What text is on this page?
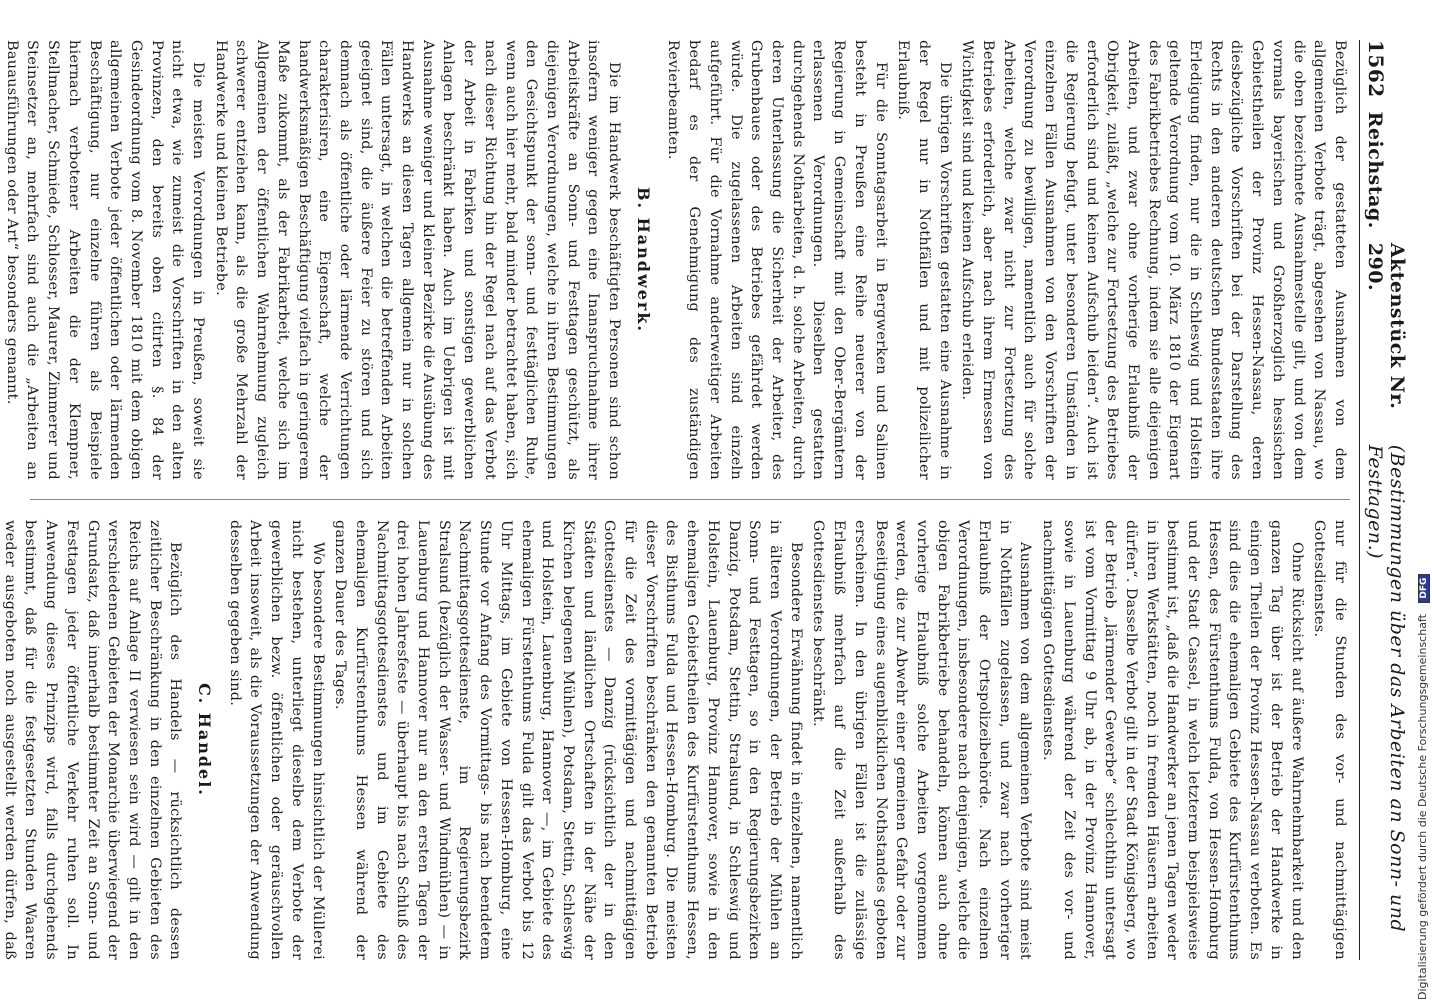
1562
Reichstag.
Aktenstück Nr. 290.
(Bestimmungen über das Arbeiten an Sonn- und Festtagen.)

Bezüglich der gestatteten Ausnahmen von dem allgemeinen Verbote trägt, abgesehen von Nassau, wo die oben bezeichnete Ausnahmestelle gilt, und von dem vormals bayerischen und Großherzoglich hessischen Gebietstheilen der Provinz Hessen-Nassau, deren diesbezügliche Vorschriften bei der Darstellung des Rechts in den anderen deutschen Bundesstaaten ihre Erledigung finden, nur die in Schleswig und Holstein geltende Verordnung vom 10. März 1810 der Eigenart des Fabrikbetriebes Rechnung, indem sie alle diejenigen Arbeiten, und zwar ohne vorherige Erlaubniß der Obrigkeit, zuläßt, „welche zur Fortsetzung des Betriebes erforderlich sind und keinen Aufschub leiden“. Auch ist die Regierung befugt, unter besonderen Umständen in einzelnen Fällen Ausnahmen von den Vorschriften der Verordnung zu bewilligen, namentlich auch für solche Arbeiten, welche zwar nicht zur Fortsetzung des Betriebes erforderlich, aber nach ihrem Ermessen von Wichtigkeit sind und keinen Aufschub erleiden.

Die übrigen Vorschriften gestatten eine Ausnahme in der Regel nur in Nothfällen und mit polizeilicher Erlaubniß.

Für die Sonntagsarbeit in Bergwerken und Salinen besteht in Preußen eine Reihe neuerer von der Regierung in Gemeinschaft mit den Ober-Bergämtern erlassenen Verordnungen. Dieselben gestatten durchgehends Notharbeiten, d. h. solche Arbeiten, durch deren Unterlassung die Sicherheit der Arbeiter, des Grubenbaues oder des Betriebes gefährdet werden würde. Die zugelassenen Arbeiten sind einzeln aufgeführt. Für die Vornahme anderweitiger Arbeiten bedarf es der Genehmigung des zuständigen Revierbeamten.

B. Handwerk.

Die im Handwerk beschäftigten Personen sind schon insofern weniger gegen eine Inanspruchnahme ihrer Arbeitskräfte an Sonn- und Festtagen geschützt, als diejenigen Verordnungen, welche in ihren Bestimmungen den Gesichtspunkt der sonn- und festtäglichen Ruhe, wenn auch hier mehr, bald minder betrachtet haben, sich nach dieser Richtung hin der Regel nach auf das Verbot der Arbeit in Fabriken und sonstigen gewerblichen Anlagen beschränkt haben. Auch im Uebrigen ist mit Ausnahme weniger und kleiner Bezirke die Ausübung des Handwerks an diesen Tagen allgemein nur in solchen Fällen untersagt, in welchen die betreffenden Arbeiten geeignet sind, die äußere Feier zu stören und sich demnach als öffentliche oder lärmende Verrichtungen charakterisiren, eine Eigenschaft, welche der handwerksmäßigen Beschäftigung vielfach in geringerem Maße zukommt, als der Fabrikarbeit, welche sich im Allgemeinen der öffentlichen Wahrnehmung zugleich schwerer entziehen kann, als die große Mehrzahl der Handwerke und kleinen Betriebe.

Die meisten Verordnungen in Preußen, soweit sie nicht etwa, wie zumeist die Vorschriften in den alten Provinzen, den bereits oben citirten §. 84 der Gesindeordnung vom 8. November 1810 mit dem obigen allgemeinen Verbote jeder öffentlichen oder lärmenden Beschäftigung, nur einzelne führen als Beispiele hiernach verbotener Arbeiten die der Klempner, Stellmacher, Schmiede, Schlosser, Maurer, Zimmerer und Steinsetzer an, mehrfach sind auch die „Arbeiten an Bauausführungen oder Art“ besonders genannt.

nur für die Stunden des vor- und nachmittägigen Gottesdienstes.

Ohne Rücksicht auf äußere Wahrnehmbarkeit und den ganzen Tag über ist der Betrieb der Handwerke in einigen Theilen der Provinz Hessen-Nassau verboten. Es sind dies die ehemaligen Gebiete des Kurfürstenthums Hessen, des Fürstenthums Fulda, von Hessen-Homburg und der Stadt Cassel, in welch letzterem beispielsweise bestimmt ist, „daß die Handwerker an jenen Tagen weder in ihren Werkstätten, noch in fremden Häusern arbeiten dürfen“. Dasselbe Verbot gilt in der Stadt Königsberg, wo der Betrieb „lärmender Gewerbe“ schlechthin untersagt ist vom Vormittag 9 Uhr ab, in der Provinz Hannover, sowie in Lauenburg während der Zeit des vor- und nachmittägigen Gottesdienstes.

Ausnahmen von dem allgemeinen Verbote sind meist in Nothfällen zugelassen, und zwar nach vorheriger Erlaubniß der Ortspolizeibehörde. Nach einzelnen Verordnungen, insbesondere nach denjenigen, welche die obigen Fabrikbetriebe behandeln, können auch ohne vorherige Erlaubniß solche Arbeiten vorgenommen werden, die zur Abwehr einer gemeinen Gefahr oder zur Beseitigung eines augenblicklichen Nothstandes geboten erscheinen. In den übrigen Fällen ist die zulässige Erlaubniß mehrfach auf die Zeit außerhalb des Gottesdienstes beschränkt.

Besondere Erwähnung findet in einzelnen, namentlich in älteren Verordnungen, der Betrieb der Mühlen an Sonn- und Festtagen, so in den Regierungsbezirken Danzig, Potsdam, Stettin, Stralsund, in Schleswig und Holstein, Lauenburg, Provinz Hannover, sowie in den ehemaligen Gebietstheilen des Kurfürstenthums Hessen, des Bisthums Fulda und Hessen-Homburg. Die meisten dieser Vorschriften beschränken den genannten Betrieb für die Zeit des vormittägigen und nachmittägigen Gottesdienstes — Danzig (rücksichtlich der in den Städten und ländlichen Ortschaften in der Nähe der Kirchen belegenen Mühlen), Potsdam, Stettin, Schleswig und Holstein, Lauenburg, Hannover —, im Gebiete des ehemaligen Fürstenthums Fulda gilt das Verbot bis 12 Uhr Mittags, im Gebiete von Hessen-Homburg, eine Stunde vor Anfang des Vormittags- bis nach beendetem Nachmittagsgottesdienste, im Regierungsbezirk Stralsund (bezüglich der Wasser- und Windmühlen) — in Lauenburg und Hannover nur an den ersten Tagen der drei hohen Jahresfeste — überhaupt bis nach Schluß des Nachmittagsgottesdienstes und im Gebiete des ehemaligen Kurfürstenthums Hessen während der ganzen Dauer des Tages.

Wo besondere Bestimmungen hinsichtlich der Müllerei nicht bestehen, unterliegt dieselbe dem Verbote der gewerblichen bezw. öffentlichen oder geräuschvollen Arbeit insoweit, als die Voraussetzungen der Anwendung desselben gegeben sind.

C. Handel.

Bezüglich des Handels — rücksichtlich dessen zeitlicher Beschränkung in den einzelnen Gebieten des Reichs auf Anlage II verwiesen sein wird — gilt in den verschiedenen Gebieten der Monarchie überwiegend der Grundsatz, daß innerhalb bestimmter Zeit an Sonn- und Festtagen jeder öffentliche Verkehr ruhen soll. In Anwendung dieses Prinzips wird, falls durchgehends bestimmt, daß für die festgesetzten Stunden Waaren weder ausgeboten noch ausgestellt werden dürfen, daß	Digitalisierung gefördert durch die Deutsche Forschungsgemeinschaft DFG
